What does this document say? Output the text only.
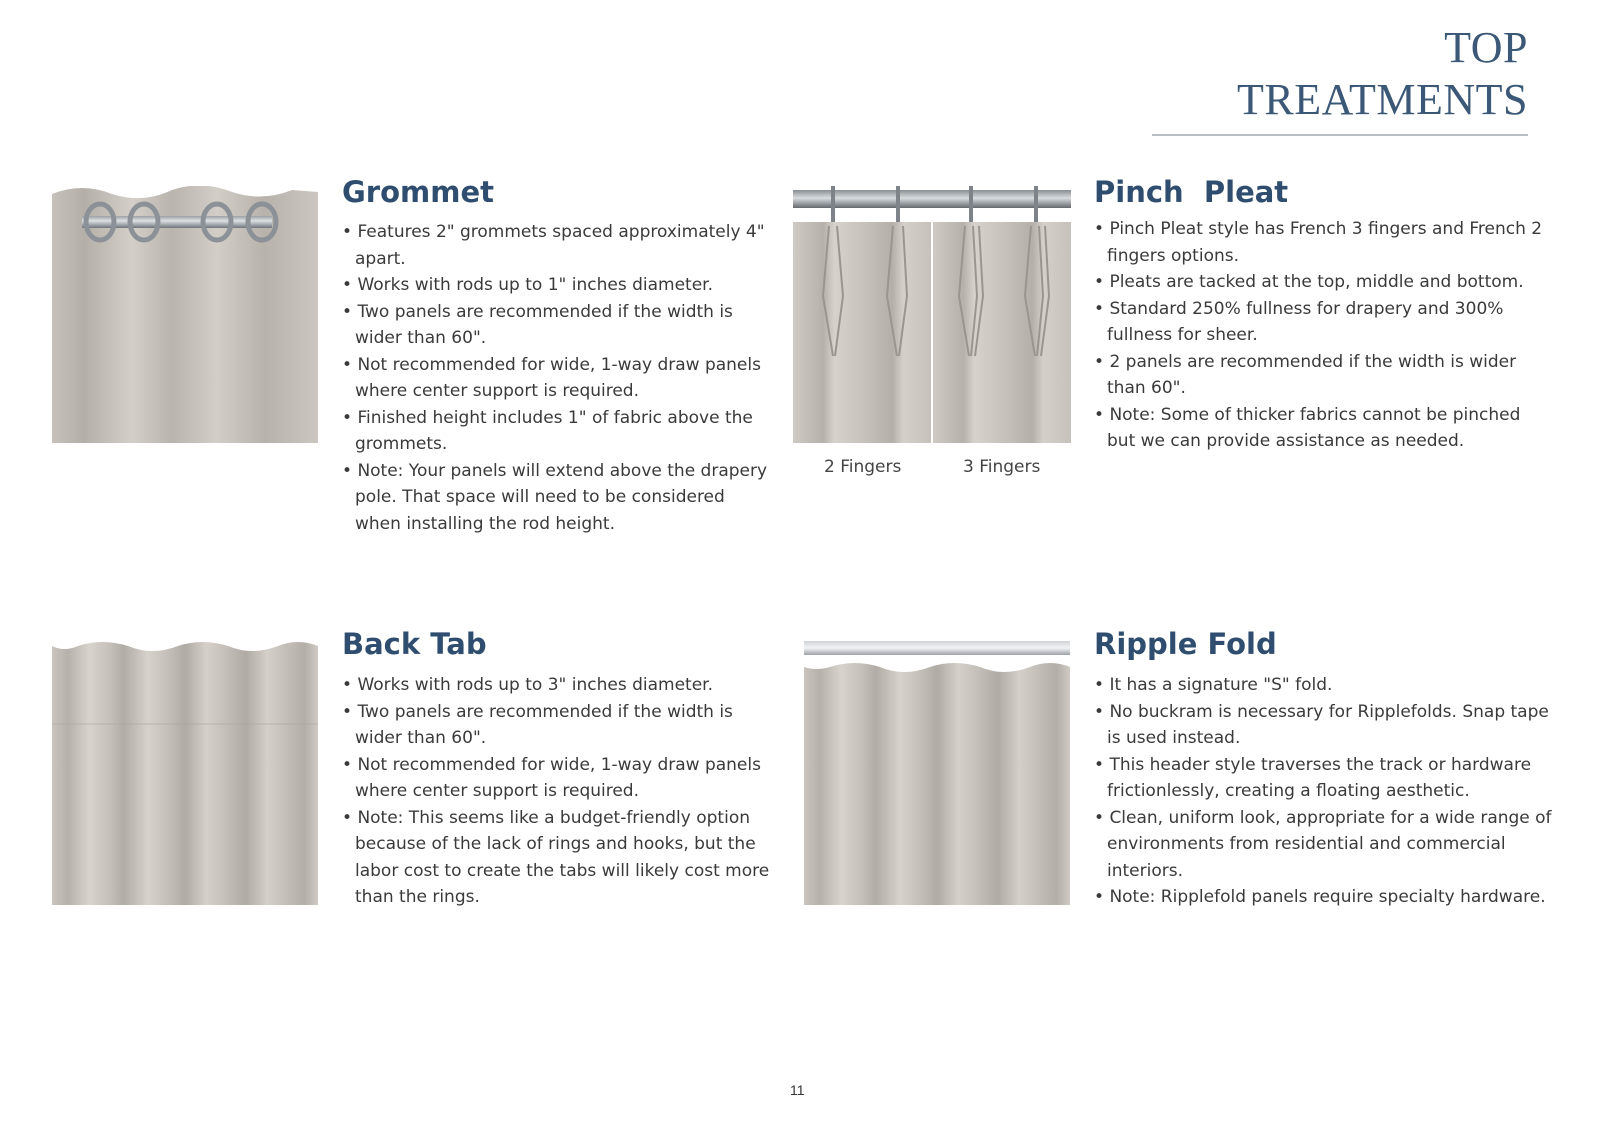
TOP TREATMENTS
Grommet
• Features 2" grommets spaced approximately 4" apart.
• Works with rods up to 1" inches diameter.
• Two panels are recommended if the width is wider than 60".
• Not recommended for wide, 1-way draw panels where center support is required.
• Finished height includes 1" of fabric above the grommets.
• Note: Your panels will extend above the drapery pole. That space will need to be considered when installing the rod height.
2 Fingers	3 Fingers
Pinch  Pleat
• Pinch Pleat style has French 3 fingers and French 2 fingers options.
• Pleats are tacked at the top, middle and bottom.
• Standard 250% fullness for drapery and 300% fullness for sheer.
• 2 panels are recommended if the width is wider than 60".
• Note: Some of thicker fabrics cannot be pinched but we can provide assistance as needed.
Back Tab
• Works with rods up to 3" inches diameter.
• Two panels are recommended if the width is wider than 60".
• Not recommended for wide, 1-way draw panels where center support is required.
• Note: This seems like a budget-friendly option because of the lack of rings and hooks, but the labor cost to create the tabs will likely cost more than the rings.
Ripple Fold
• It has a signature "S" fold.
• No buckram is necessary for Ripplefolds. Snap tape is used instead.
• This header style traverses the track or hardware frictionlessly, creating a floating aesthetic.
• Clean, uniform look, appropriate for a wide range of environments from residential and commercial interiors.
• Note: Ripplefold panels require specialty hardware.
11
